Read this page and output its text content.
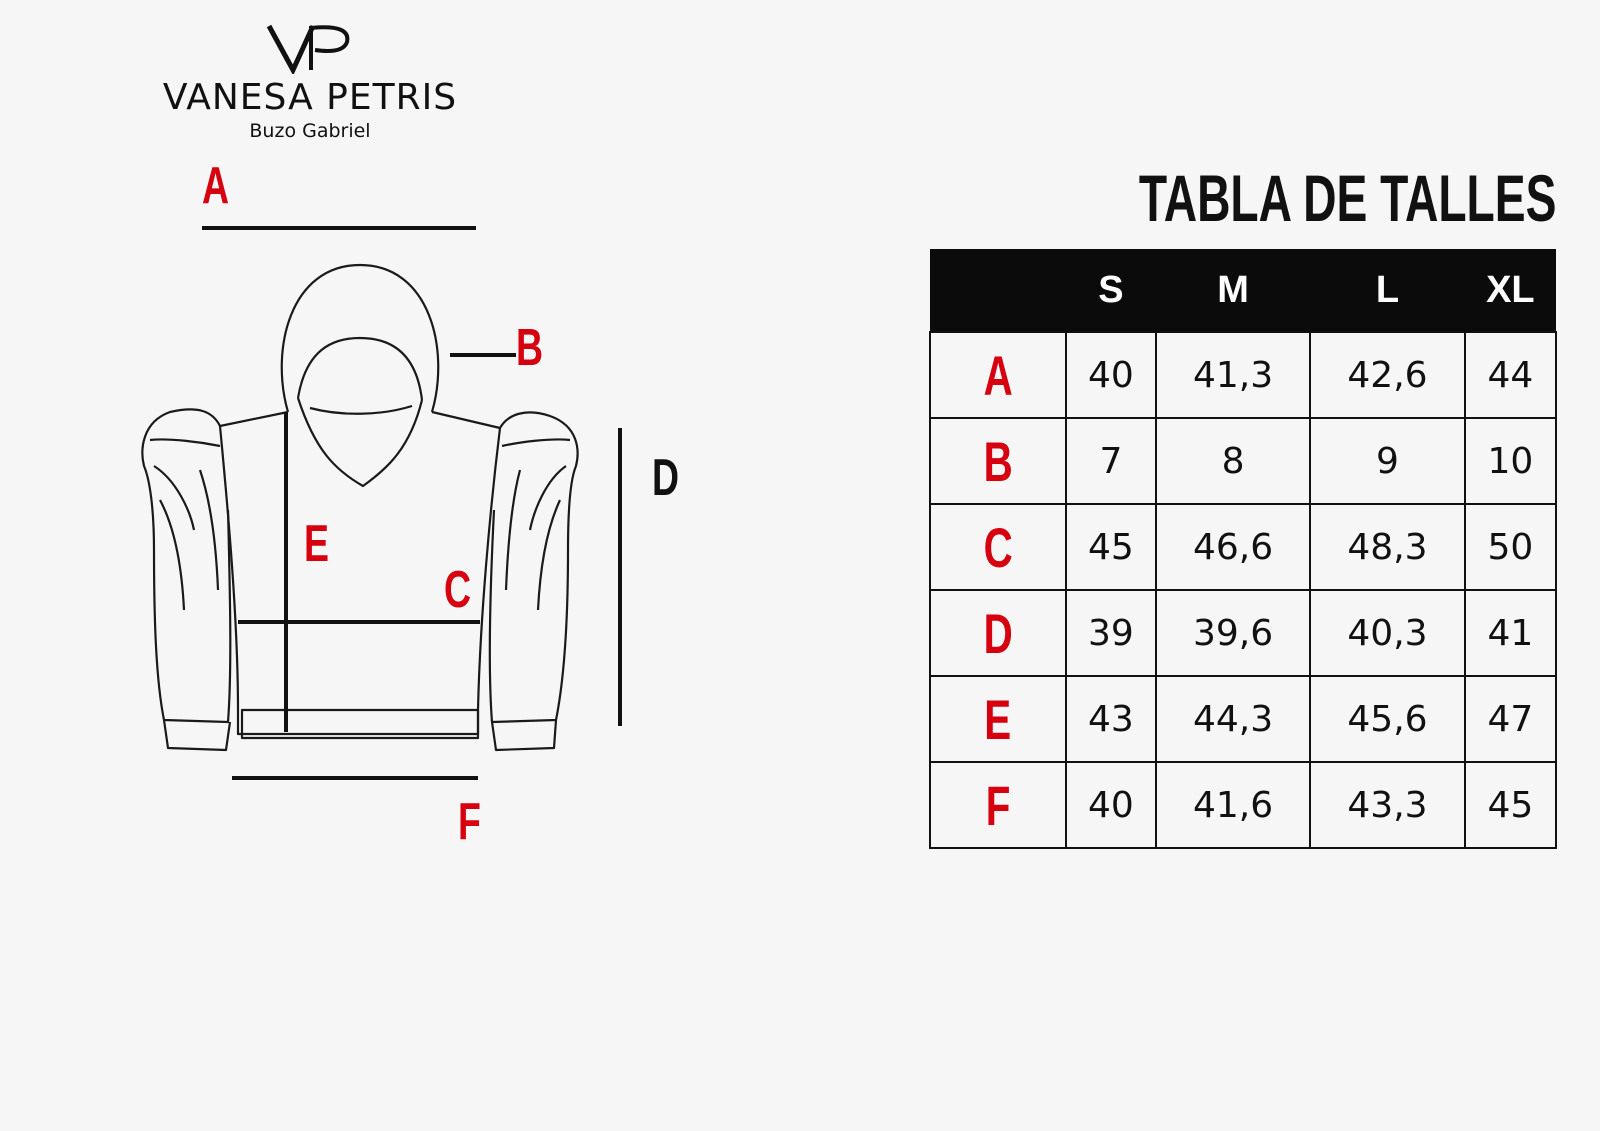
VANESA PETRIS
Buzo Gabriel
A
B
C
D
E
F
TABLA DE TALLES
	S	M	L	XL
A	40	41,3	42,6	44
B	7	8	9	10
C	45	46,6	48,3	50
D	39	39,6	40,3	41
E	43	44,3	45,6	47
F	40	41,6	43,3	45
